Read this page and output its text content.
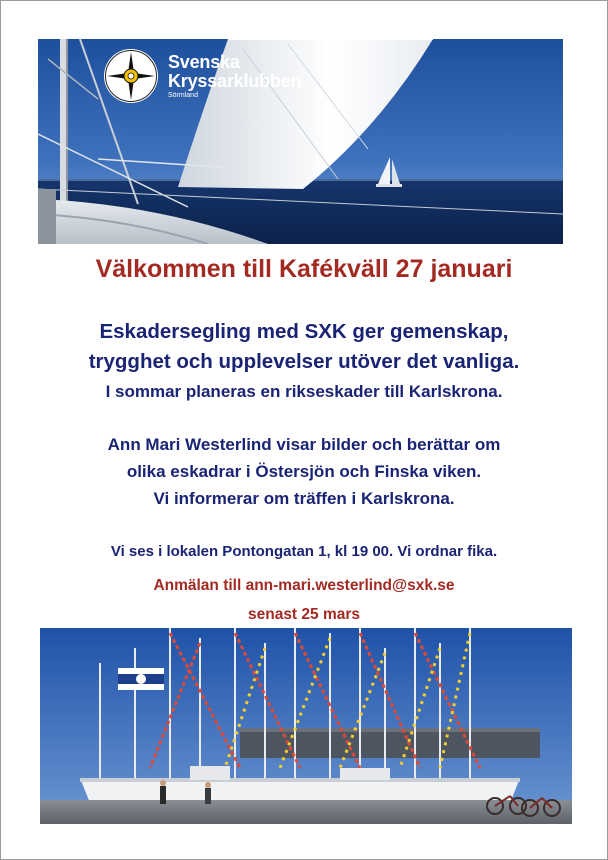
Svenska
Kryssarklubben
Sörmland
Välkommen till Kafékväll 27 januari

Eskadersegling med SXK ger gemenskap,

trygghet och upplevelser utöver det vanliga.

I sommar planeras en rikseskader till Karlskrona.

Ann Mari Westerlind visar bilder och berättar om

olika eskadrar i Östersjön och Finska viken.

Vi informerar om träffen i Karlskrona.

Vi ses i lokalen Pontongatan 1, kl 19 00. Vi ordnar fika.

Anmälan till ann-mari.westerlind@sxk.se

senast 25 mars
